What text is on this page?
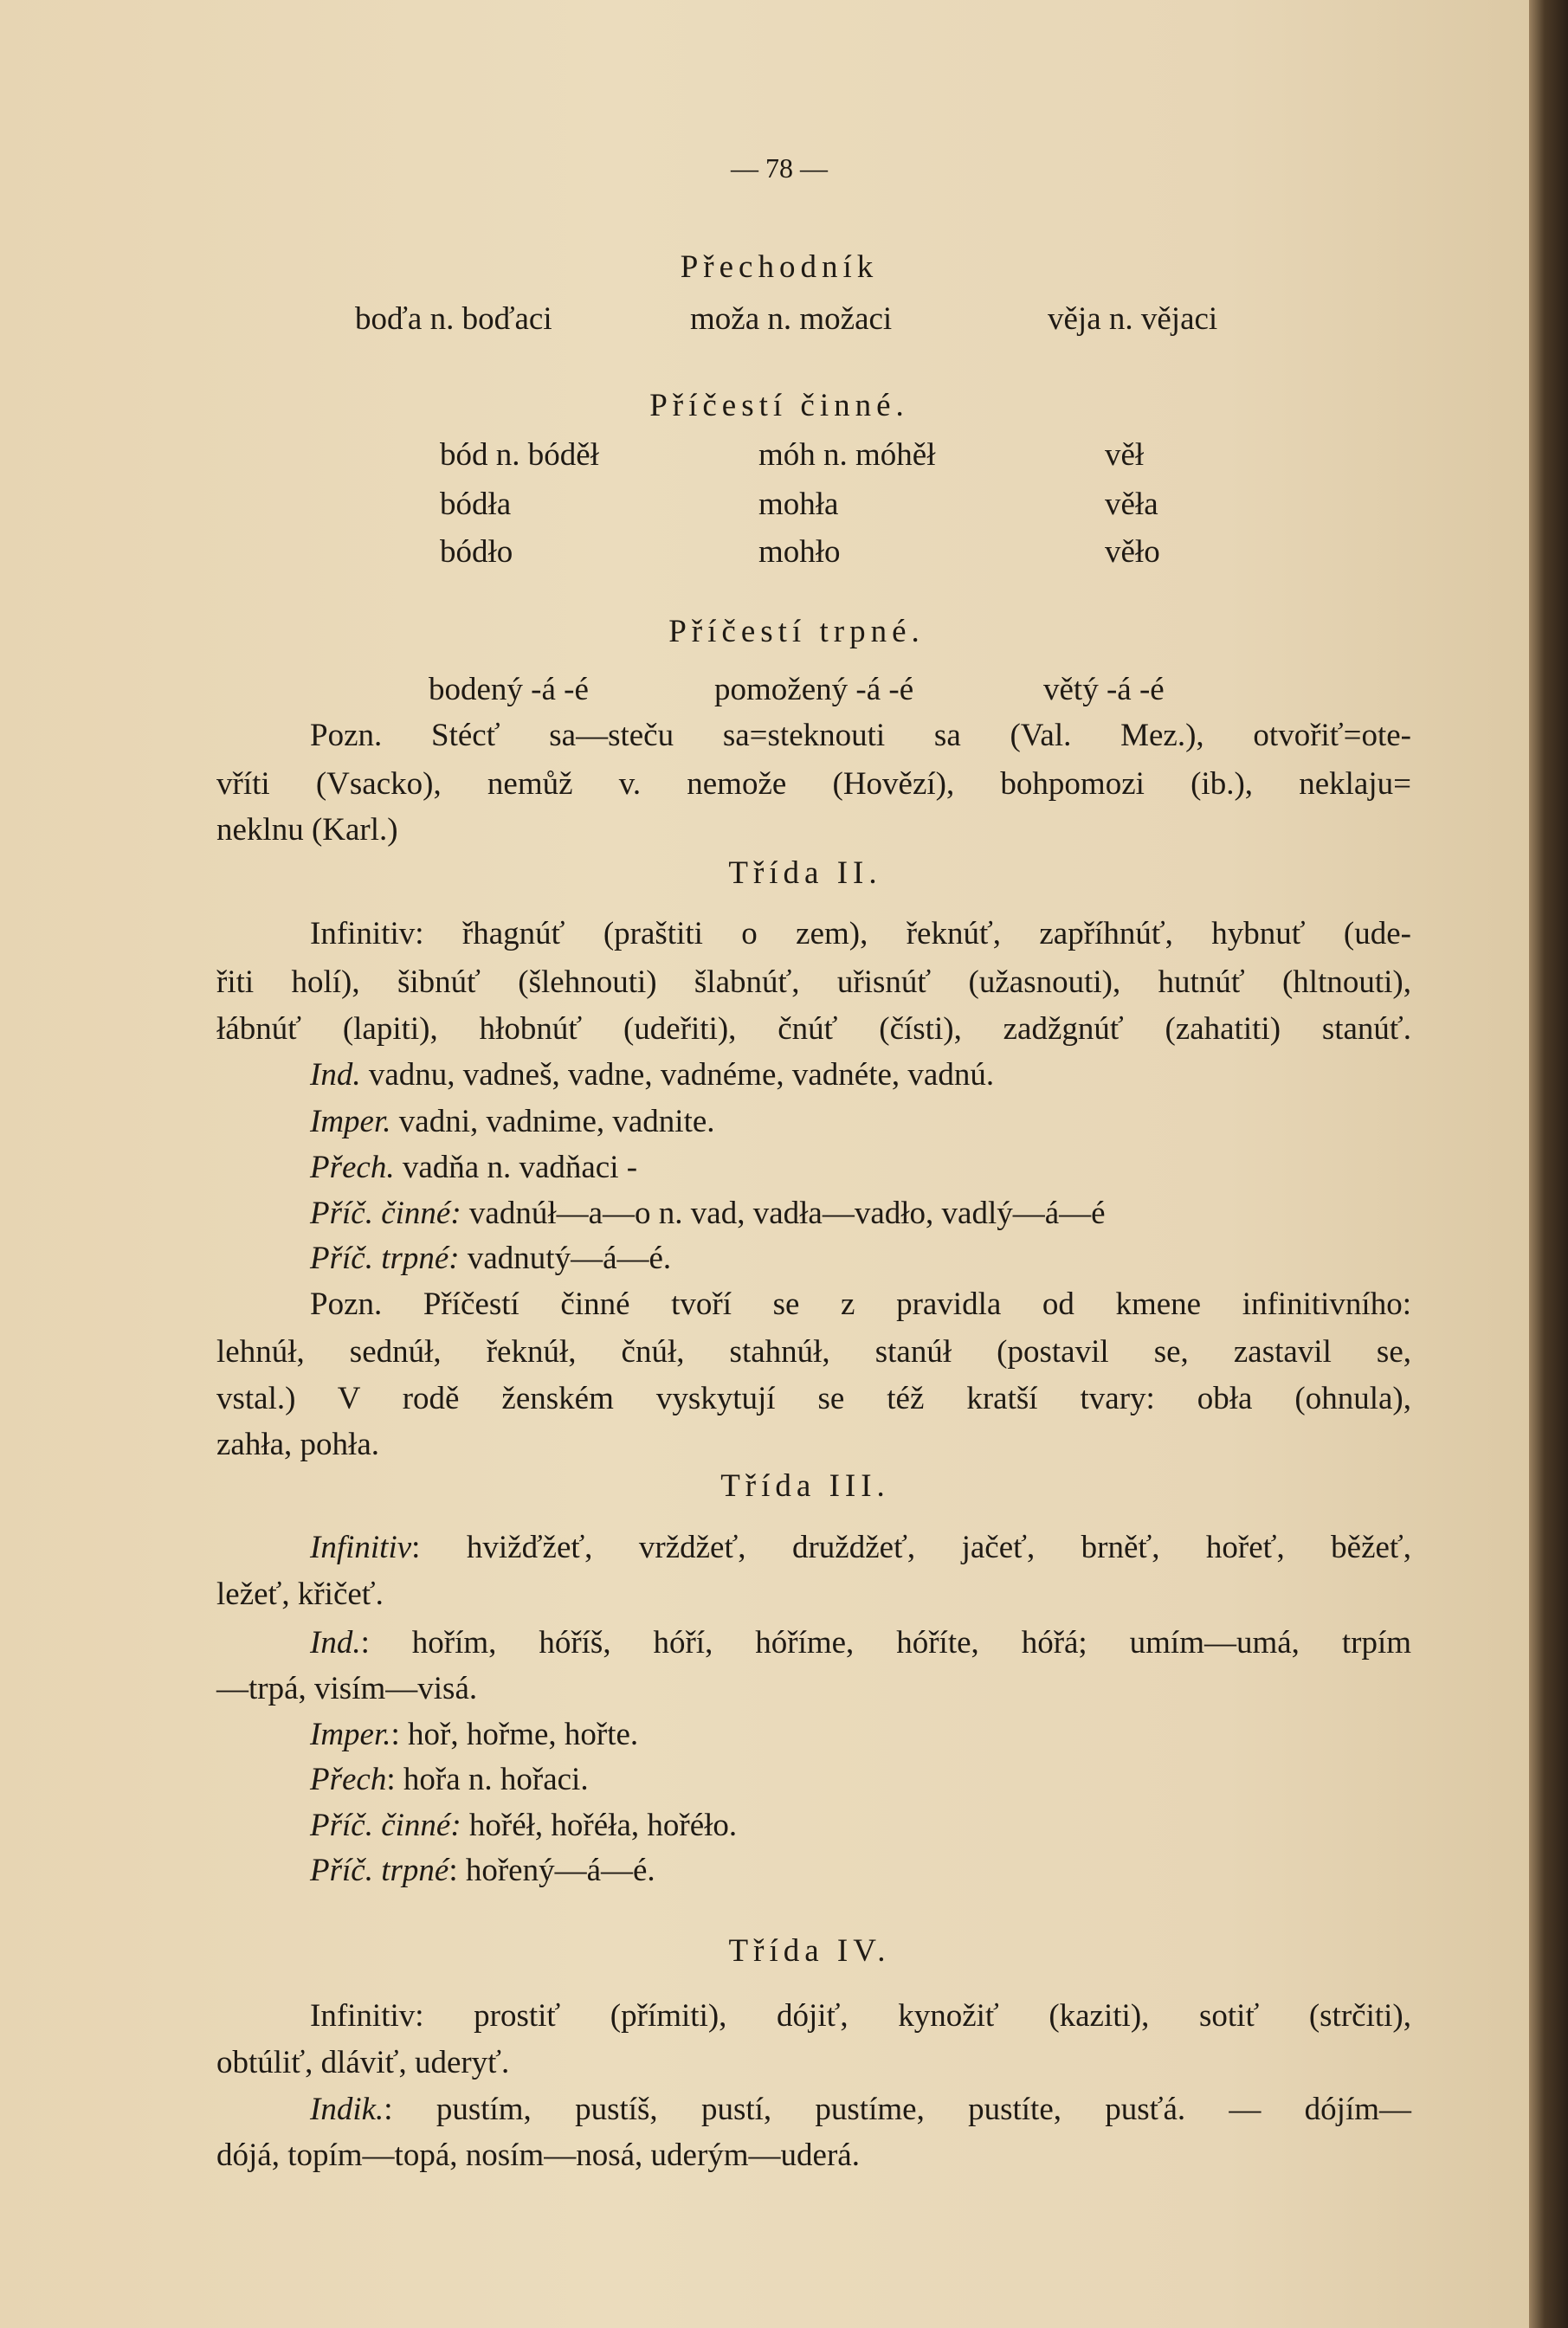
— 78 —
Přechodník
boďa n. boďaci	moža n. možaci	věja n. vějaci
Příčestí činné.
bód n. bóděł	móh n. móhěł	věł
bódła	mohła	věła
bódło	mohło	věło
Příčestí trpné.
bodený -á -é	pomožený -á -é	větý -á -é
Pozn. Stécť sa—steču sa=steknouti sa (Val. Mez.), otvořiť=ote-
vříti (Vsacko), nemůž v. nemože (Hovězí), bohpomozi (ib.), neklaju=
neklnu (Karl.)
Třída II.
Infinitiv: řhagnúť (praštiti o zem), řeknúť, zapříhnúť, hybnuť (ude-
řiti holí), šibnúť (šlehnouti) šlabnúť, uřisnúť (užasnouti), hutnúť (hltnouti),
łábnúť (lapiti), hłobnúť (udeřiti), čnúť (čísti), zadžgnúť (zahatiti) stanúť.
Ind. vadnu, vadneš, vadne, vadnéme, vadnéte, vadnú.
Imper. vadni, vadnime, vadnite.
Přech. vadňa n. vadňaci -
Příč. činné: vadnúł—a—o n. vad, vadła—vadło, vadlý—á—é
Příč. trpné: vadnutý—á—é.
Pozn. Příčestí činné tvoří se z pravidla od kmene infinitivního:
lehnúł, sednúł, řeknúł, čnúł, stahnúł, stanúł (postavil se, zastavil se,
vstal.) V rodě ženském vyskytují se též kratší tvary: obła (ohnula),
zahła, pohła.
Třída III.
Infinitiv: hvižďžeť, vrždžeť, druždžeť, jačeť, brněť, hořeť, běžeť,
ležeť, křičeť.
Ind.: hořím, hóříš, hóří, hóříme, hóříte, hóřá; umím—umá, trpím
—trpá, visím—visá.
Imper.: hoř, hořme, hořte.
Přech: hořa n. hořaci.
Příč. činné: hořéł, hořéła, hořéło.
Příč. trpné: hořený—á—é.
Třída IV.
Infinitiv: prostiť (přímiti), dójiť, kynožiť (kaziti), sotiť (strčiti),
obtúliť, dláviť, uderyť.
Indik.: pustím, pustíš, pustí, pustíme, pustíte, pusťá. — dójím—
dójá, topím—topá, nosím—nosá, uderým—uderá.
